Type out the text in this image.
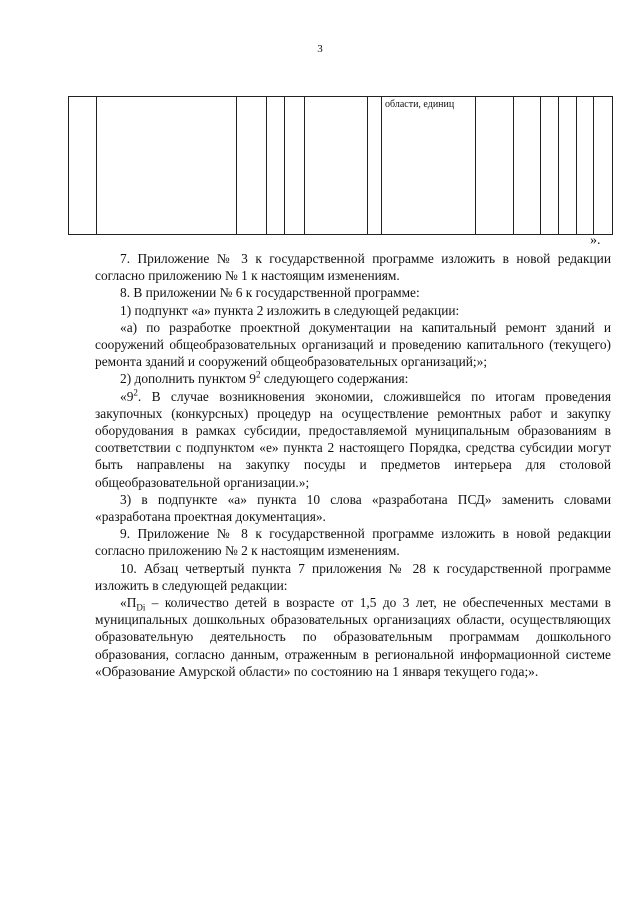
3
							области, единиц						
».

7. Приложение № 3 к государственной программе изложить в новой редакции согласно приложению № 1 к настоящим изменениям.

8. В приложении № 6 к государственной программе:

1) подпункт «а» пункта 2 изложить в следующей редакции:

«а) по разработке проектной документации на капитальный ремонт зданий и сооружений общеобразовательных организаций и проведению капитального (текущего) ремонта зданий и сооружений общеобразовательных организаций;»;

2) дополнить пунктом $9^2$ следующего содержания:

«$9^2$. В случае возникновения экономии, сложившейся по итогам проведения закупочных (конкурсных) процедур на осуществление ремонтных работ и закупку оборудования в рамках субсидии, предоставляемой муниципальным образованиям в соответствии с подпунктом «е» пункта 2 настоящего Порядка, средства субсидии могут быть направлены на закупку посуды и предметов интерьера для столовой общеобразовательной организации.»;

3) в подпункте «а» пункта 10 слова «разработана ПСД» заменить словами «разработана проектная документация».

9. Приложение № 8 к государственной программе изложить в новой редакции согласно приложению № 2 к настоящим изменениям.

10. Абзац четвертый пункта 7 приложения № 28 к государственной программе изложить в следующей редакции:

«$П_{Di}$ – количество детей в возрасте от 1,5 до 3 лет, не обеспеченных местами в муниципальных дошкольных образовательных организациях области, осуществляющих образовательную деятельность по образовательным программам дошкольного образования, согласно данным, отраженным в региональной информационной системе «Образование Амурской области» по состоянию на 1 января текущего года;».
